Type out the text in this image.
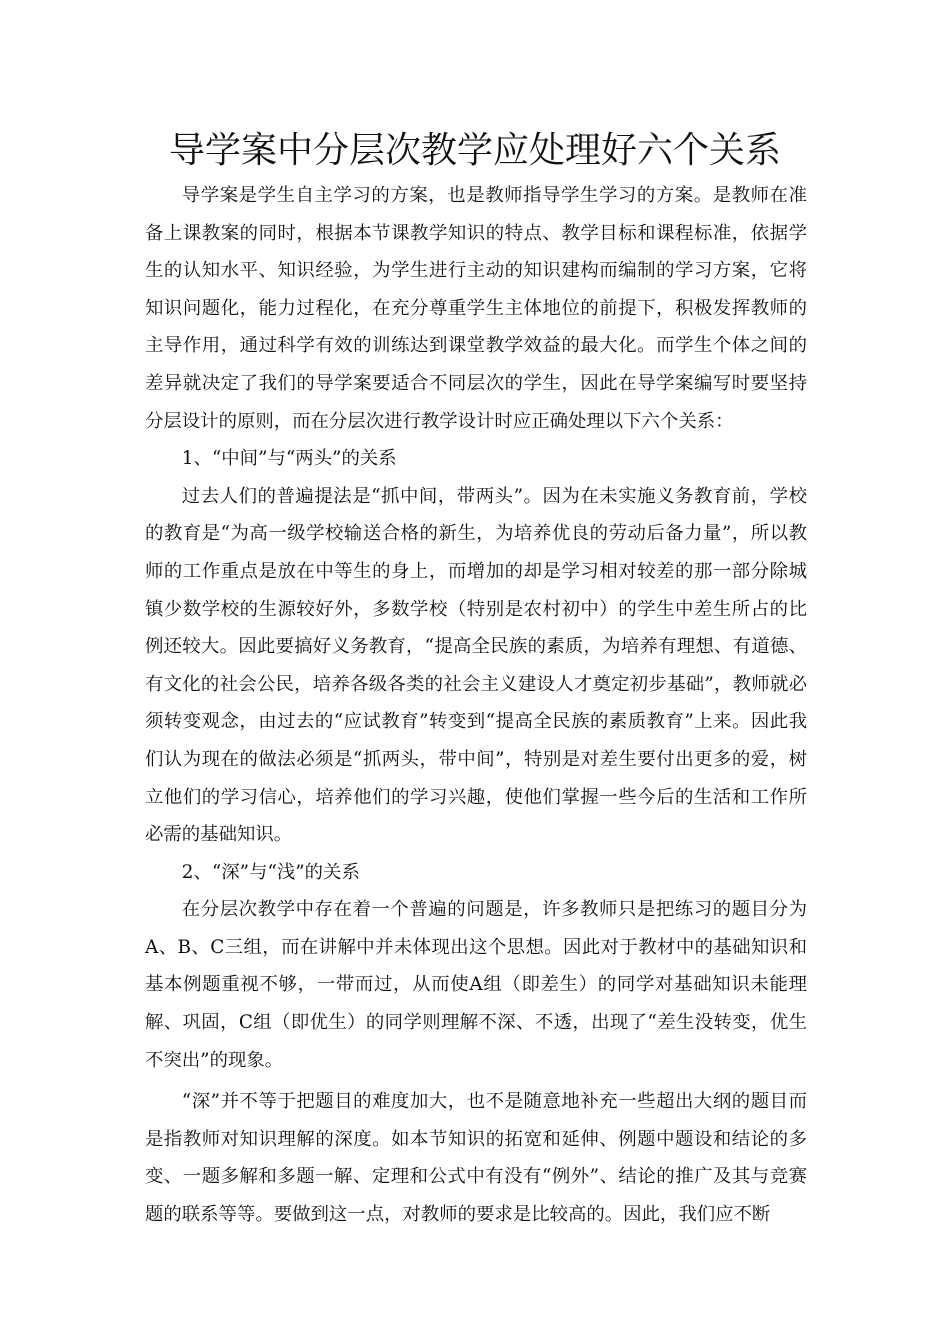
导学案中分层次教学应处理好六个关系

导学案是学生自主学习的方案，也是教师指导学生学习的方案。是教师在准备上课教案的同时，根据本节课教学知识的特点、教学目标和课程标准，依据学生的认知水平、知识经验，为学生进行主动的知识建构而编制的学习方案，它将知识问题化，能力过程化，在充分尊重学生主体地位的前提下，积极发挥教师的主导作用，通过科学有效的训练达到课堂教学效益的最大化。而学生个体之间的差异就决定了我们的导学案要适合不同层次的学生，因此在导学案编写时要坚持分层设计的原则，而在分层次进行教学设计时应正确处理以下六个关系：

1、“中间”与“两头”的关系

过去人们的普遍提法是“抓中间，带两头”。因为在未实施义务教育前，学校的教育是“为高一级学校输送合格的新生，为培养优良的劳动后备力量”，所以教师的工作重点是放在中等生的身上，而增加的却是学习相对较差的那一部分除城镇少数学校的生源较好外，多数学校（特别是农村初中）的学生中差生所占的比例还较大。因此要搞好义务教育，“提高全民族的素质，为培养有理想、有道德、有文化的社会公民，培养各级各类的社会主义建设人才奠定初步基础”，教师就必须转变观念，由过去的“应试教育”转变到“提高全民族的素质教育”上来。因此我们认为现在的做法必须是“抓两头，带中间”，特别是对差生要付出更多的爱，树立他们的学习信心，培养他们的学习兴趣，使他们掌握一些今后的生活和工作所必需的基础知识。

2、“深”与“浅”的关系

在分层次教学中存在着一个普遍的问题是，许多教师只是把练习的题目分为A、B、C三组，而在讲解中并未体现出这个思想。因此对于教材中的基础知识和基本例题重视不够，一带而过，从而使A组（即差生）的同学对基础知识未能理解、巩固，C组（即优生）的同学则理解不深、不透，出现了“差生没转变，优生不突出”的现象。

“深”并不等于把题目的难度加大，也不是随意地补充一些超出大纲的题目而是指教师对知识理解的深度。如本节知识的拓宽和延伸、例题中题设和结论的多变、一题多解和多题一解、定理和公式中有没有“例外”、结论的推广及其与竞赛题的联系等等。要做到这一点，对教师的要求是比较高的。因此，我们应不断
